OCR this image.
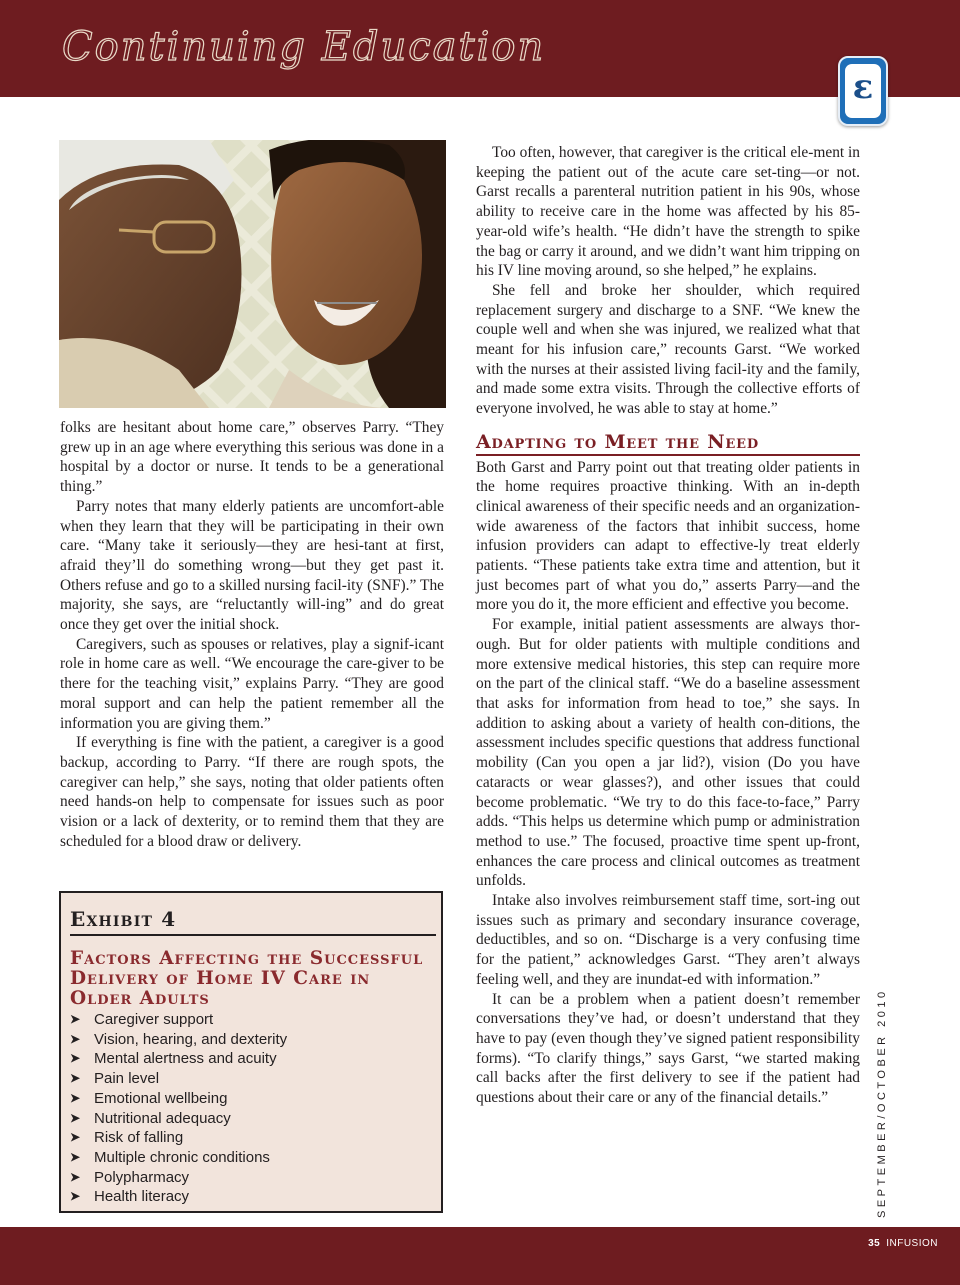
Continuing Education
ɛ

folks are hesitant about home care,” observes Parry. “They grew up in an age where everything this serious was done in a hospital by a doctor or nurse. It tends to be a generational thing.”

Parry notes that many elderly patients are uncomfort-able when they learn that they will be participating in their own care. “Many take it seriously—they are hesi-tant at first, afraid they’ll do something wrong—but they get past it. Others refuse and go to a skilled nursing facil-ity (SNF).” The majority, she says, are “reluctantly will-ing” and do great once they get over the initial shock.

Caregivers, such as spouses or relatives, play a signif-icant role in home care as well. “We encourage the care-giver to be there for the teaching visit,” explains Parry. “They are good moral support and can help the patient remember all the information you are giving them.”

If everything is fine with the patient, a caregiver is a good backup, according to Parry. “If there are rough spots, the caregiver can help,” she says, noting that older patients often need hands-on help to compensate for issues such as poor vision or a lack of dexterity, or to remind them that they are scheduled for a blood draw or delivery.

Exhibit 4
Factors Affecting the Successful Delivery of Home IV Care in Older Adults
➤ Caregiver support
➤ Vision, hearing, and dexterity
➤ Mental alertness and acuity
➤ Pain level
➤ Emotional wellbeing
➤ Nutritional adequacy
➤ Risk of falling
➤ Multiple chronic conditions
➤ Polypharmacy
➤ Health literacy

Too often, however, that caregiver is the critical ele-ment in keeping the patient out of the acute care set-ting—or not. Garst recalls a parenteral nutrition patient in his 90s, whose ability to receive care in the home was affected by his 85-year-old wife’s health. “He didn’t have the strength to spike the bag or carry it around, and we didn’t want him tripping on his IV line moving around, so she helped,” he explains.

She fell and broke her shoulder, which required replacement surgery and discharge to a SNF. “We knew the couple well and when she was injured, we realized what that meant for his infusion care,” recounts Garst. “We worked with the nurses at their assisted living facil-ity and the family, and made some extra visits. Through the collective efforts of everyone involved, he was able to stay at home.”

Adapting to Meet the Need

Both Garst and Parry point out that treating older patients in the home requires proactive thinking. With an in-depth clinical awareness of their specific needs and an organization-wide awareness of the factors that inhibit success, home infusion providers can adapt to effective-ly treat elderly patients. “These patients take extra time and attention, but it just becomes part of what you do,” asserts Parry—and the more you do it, the more efficient and effective you become.

For example, initial patient assessments are always thor-ough. But for older patients with multiple conditions and more extensive medical histories, this step can require more on the part of the clinical staff. “We do a baseline assessment that asks for information from head to toe,” she says. In addition to asking about a variety of health con-ditions, the assessment includes specific questions that address functional mobility (Can you open a jar lid?), vision (Do you have cataracts or wear glasses?), and other issues that could become problematic. “We try to do this face-to-face,” Parry adds. “This helps us determine which pump or administration method to use.” The focused, proactive time spent up-front, enhances the care process and clinical outcomes as treatment unfolds.

Intake also involves reimbursement staff time, sort-ing out issues such as primary and secondary insurance coverage, deductibles, and so on. “Discharge is a very confusing time for the patient,” acknowledges Garst. “They aren’t always feeling well, and they are inundat-ed with information.”

It can be a problem when a patient doesn’t remember conversations they’ve had, or doesn’t understand that they have to pay (even though they’ve signed patient responsibility forms). “To clarify things,” says Garst, “we started making call backs after the first delivery to see if the patient had questions about their care or any of the financial details.”	SEPTEMBER/OCTOBER 2010
35 INFUSION
